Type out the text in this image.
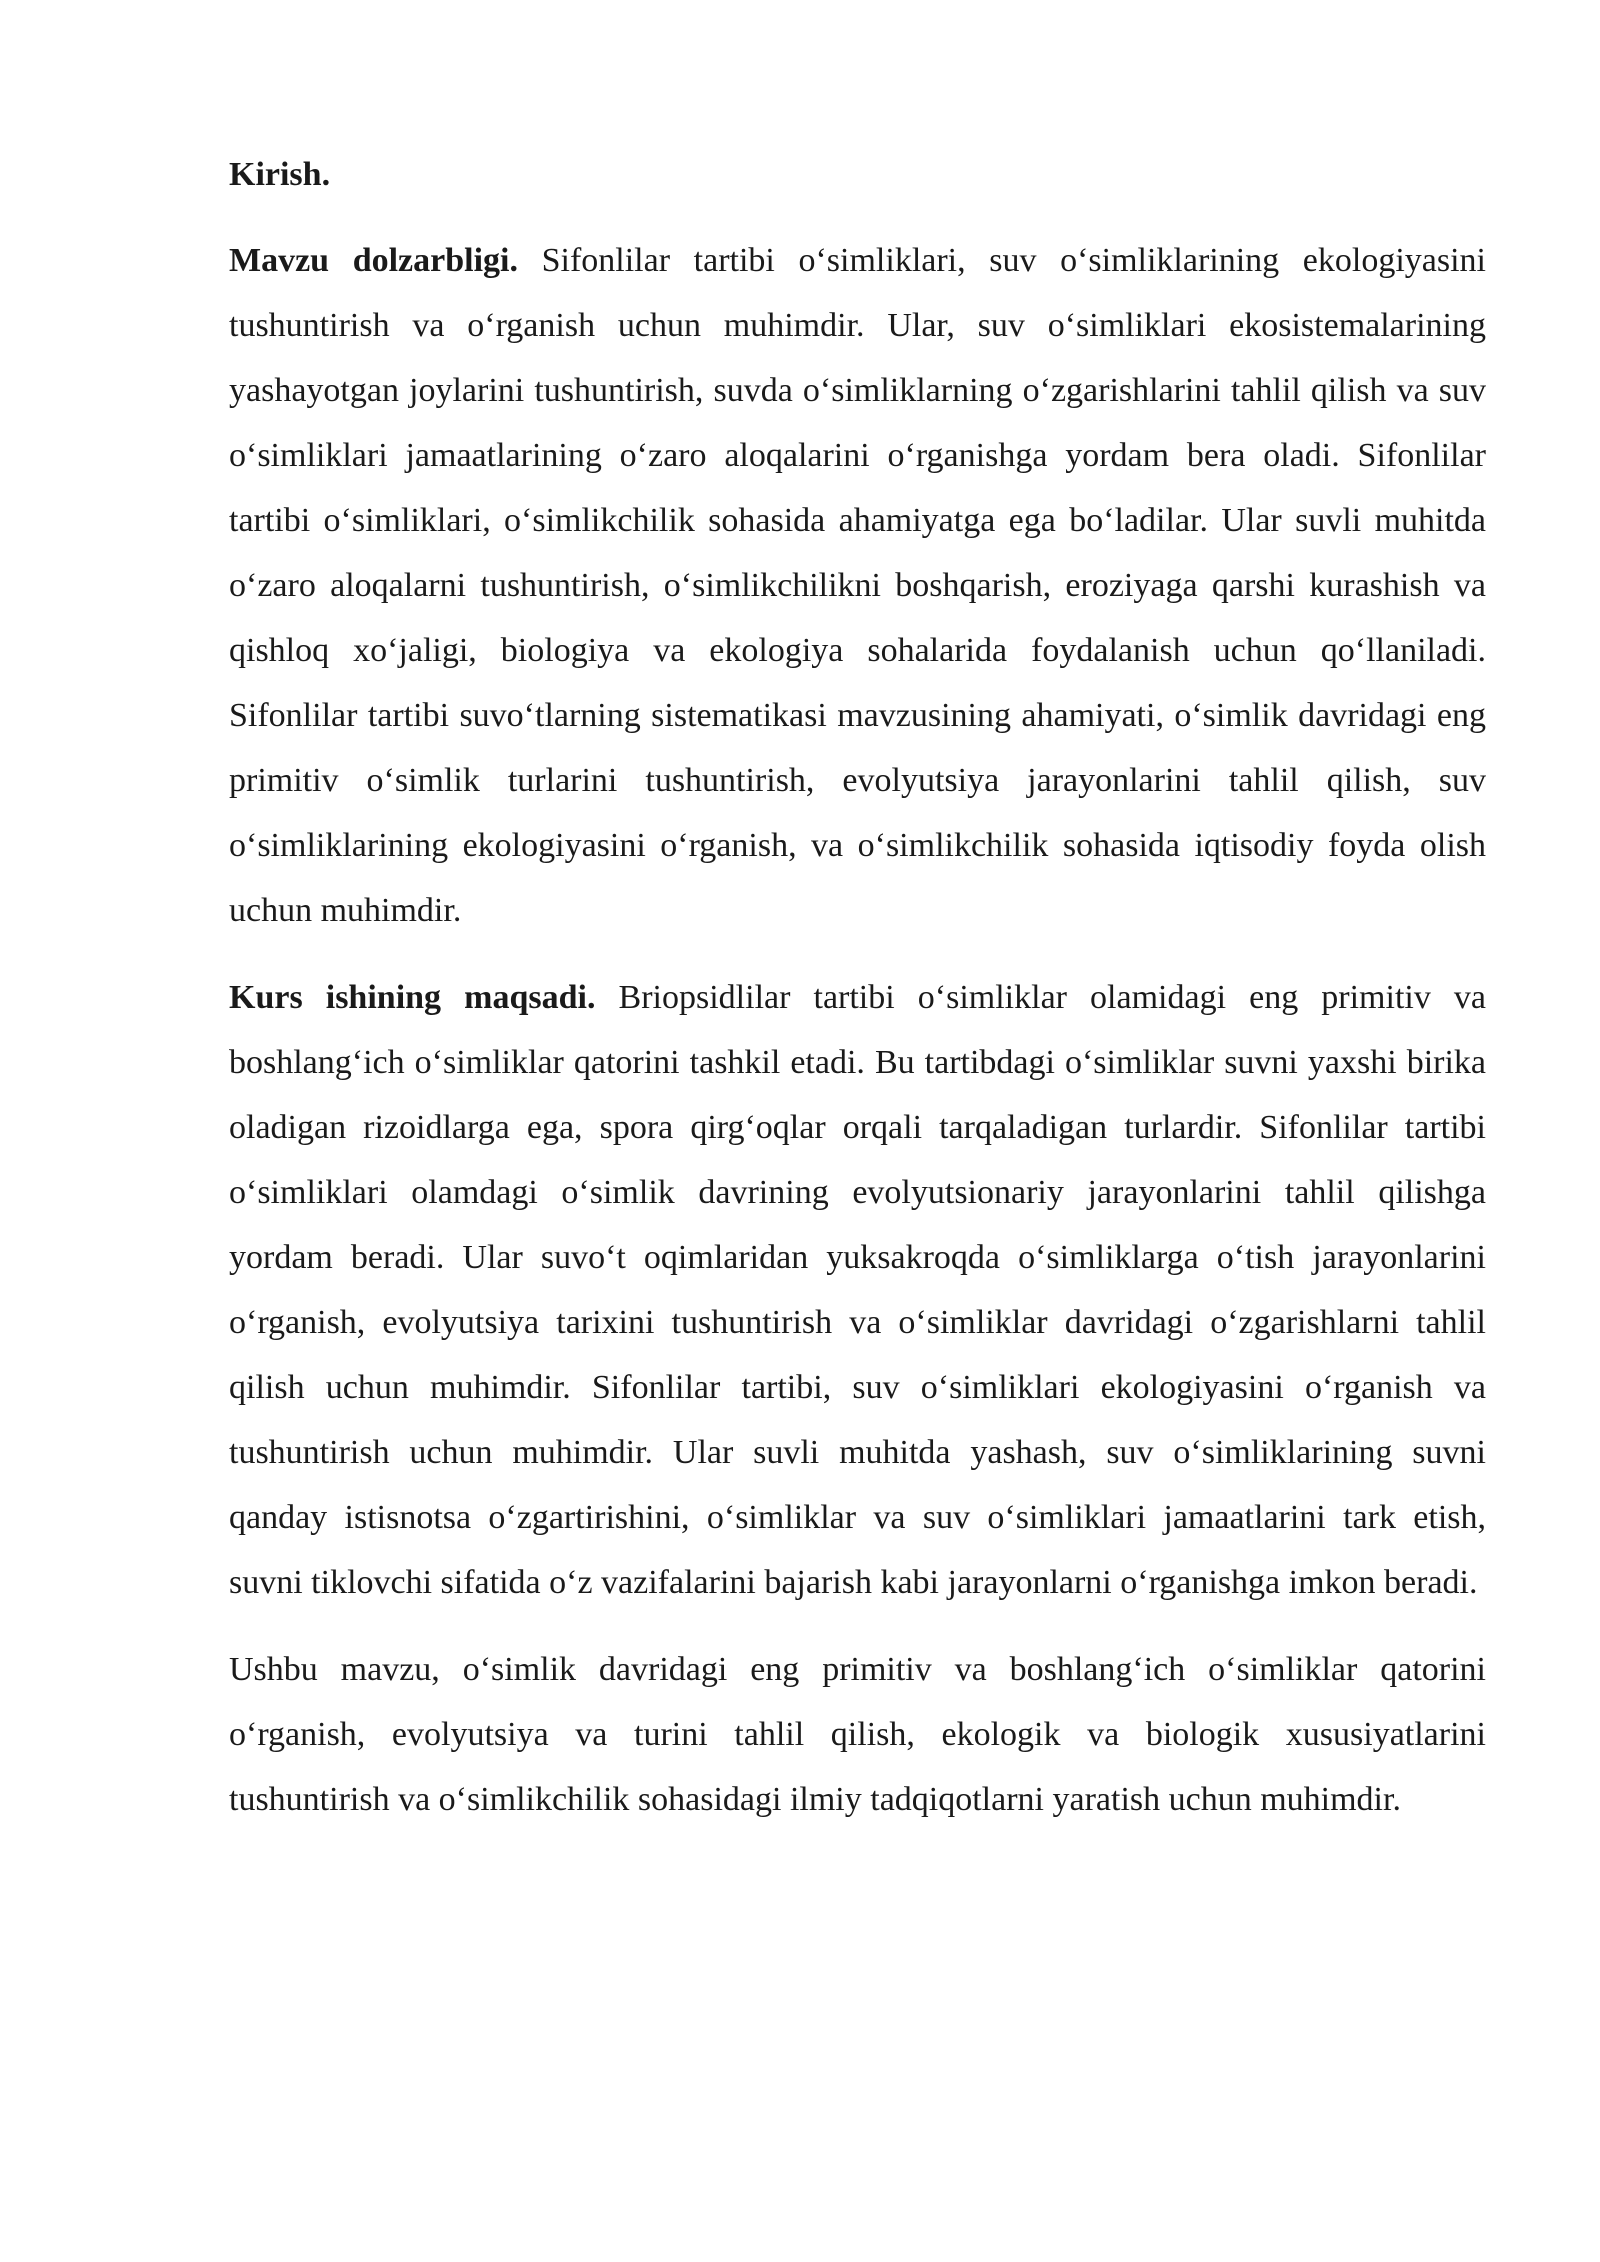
Kirish.

Mavzu dolzarbligi. Sifonlilar tartibi o‘simliklari, suv o‘simliklarining ekologiyasini tushuntirish va o‘rganish uchun muhimdir. Ular, suv o‘simliklari ekosistemalarining yashayotgan joylarini tushuntirish, suvda o‘simliklarning o‘zgarishlarini tahlil qilish va suv o‘simliklari jamaatlarining o‘zaro aloqalarini o‘rganishga yordam bera oladi. Sifonlilar tartibi o‘simliklari, o‘simlikchilik sohasida ahamiyatga ega bo‘ladilar. Ular suvli muhitda o‘zaro aloqalarni tushuntirish, o‘simlikchilikni boshqarish, eroziyaga qarshi kurashish va qishloq xo‘jaligi, biologiya va ekologiya sohalarida foydalanish uchun qo‘llaniladi. Sifonlilar tartibi suvo‘tlarning sistematikasi mavzusining ahamiyati, o‘simlik davridagi eng primitiv o‘simlik turlarini tushuntirish, evolyutsiya jarayonlarini tahlil qilish, suv o‘simliklarining ekologiyasini o‘rganish, va o‘simlikchilik sohasida iqtisodiy foyda olish uchun muhimdir.

Kurs ishining maqsadi. Briopsidlilar tartibi o‘simliklar olamidagi eng primitiv va boshlang‘ich o‘simliklar qatorini tashkil etadi. Bu tartibdagi o‘simliklar suvni yaxshi birika oladigan rizoidlarga ega, spora qirg‘oqlar orqali tarqaladigan turlardir. Sifonlilar tartibi o‘simliklari olamdagi o‘simlik davrining evolyutsionariy jarayonlarini tahlil qilishga yordam beradi. Ular suvo‘t oqimlaridan yuksakroqda o‘simliklarga o‘tish jarayonlarini o‘rganish, evolyutsiya tarixini tushuntirish va o‘simliklar davridagi o‘zgarishlarni tahlil qilish uchun muhimdir. Sifonlilar tartibi, suv o‘simliklari ekologiyasini o‘rganish va tushuntirish uchun muhimdir. Ular suvli muhitda yashash, suv o‘simliklarining suvni qanday istisnotsa o‘zgartirishini, o‘simliklar va suv o‘simliklari jamaatlarini tark etish, suvni tiklovchi sifatida o‘z vazifalarini bajarish kabi jarayonlarni o‘rganishga imkon beradi.

Ushbu mavzu, o‘simlik davridagi eng primitiv va boshlang‘ich o‘simliklar qatorini o‘rganish, evolyutsiya va turini tahlil qilish, ekologik va biologik xususiyatlarini tushuntirish va o‘simlikchilik sohasidagi ilmiy tadqiqotlarni yaratish uchun muhimdir.
